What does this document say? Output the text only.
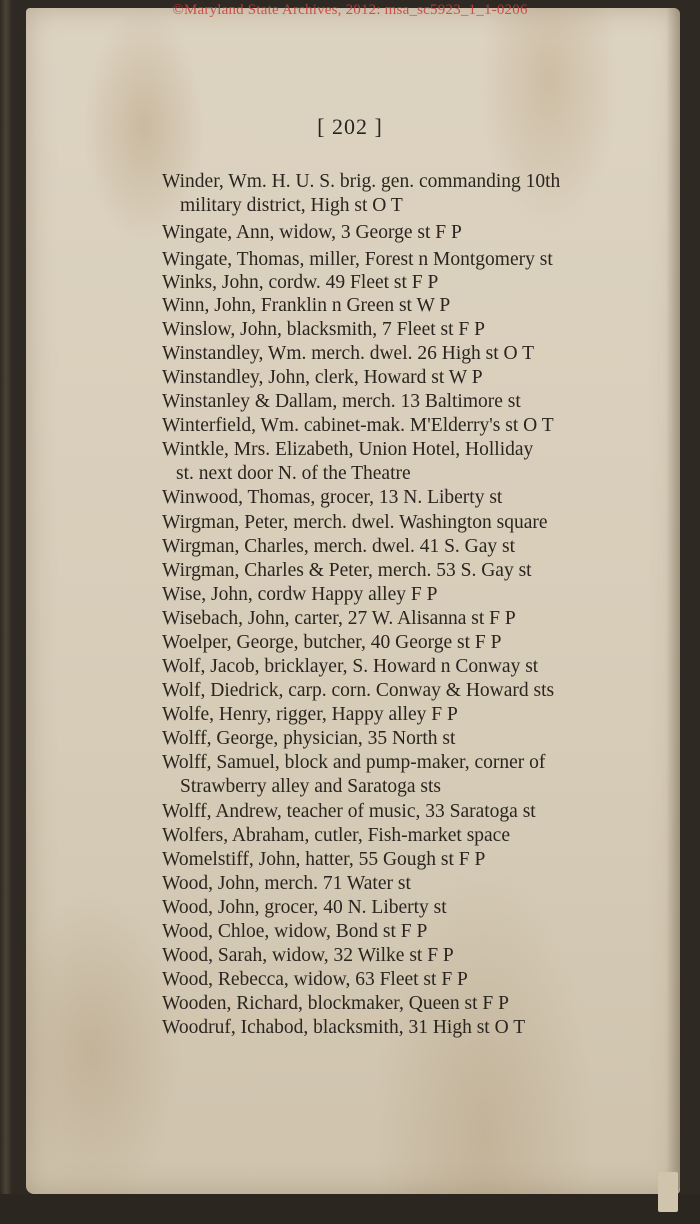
©Maryland State Archives, 2012: msa_sc5923_1_1-0206
[ 202 ]
Winder, Wm. H. U. S. brig. gen. commanding 10th
military district, High st O T
Wingate, Ann, widow, 3 George st F P
Wingate, Thomas, miller, Forest n Montgomery st
Winks, John, cordw. 49 Fleet st F P
Winn, John, Franklin n Green st W P
Winslow, John, blacksmith, 7 Fleet st F P
Winstandley, Wm. merch. dwel. 26 High st O T
Winstandley, John, clerk, Howard st W P
Winstanley & Dallam, merch. 13 Baltimore st
Winterfield, Wm. cabinet-mak. M'Elderry's st O T
Wintkle, Mrs. Elizabeth, Union Hotel, Holliday
st. next door N. of the Theatre
Winwood, Thomas, grocer, 13 N. Liberty st
Wirgman, Peter, merch. dwel. Washington square
Wirgman, Charles, merch. dwel. 41 S. Gay st
Wirgman, Charles & Peter, merch. 53 S. Gay st
Wise, John, cordw Happy alley F P
Wisebach, John, carter, 27 W. Alisanna st F P
Woelper, George, butcher, 40 George st F P
Wolf, Jacob, bricklayer, S. Howard n Conway st
Wolf, Diedrick, carp. corn. Conway & Howard sts
Wolfe, Henry, rigger, Happy alley F P
Wolff, George, physician, 35 North st
Wolff, Samuel, block and pump-maker, corner of
Strawberry alley and Saratoga sts
Wolff, Andrew, teacher of music, 33 Saratoga st
Wolfers, Abraham, cutler, Fish-market space
Womelstiff, John, hatter, 55 Gough st F P
Wood, John, merch. 71 Water st
Wood, John, grocer, 40 N. Liberty st
Wood, Chloe, widow, Bond st F P
Wood, Sarah, widow, 32 Wilke st F P
Wood, Rebecca, widow, 63 Fleet st F P
Wooden, Richard, blockmaker, Queen st F P
Woodruf, Ichabod, blacksmith, 31 High st O T
